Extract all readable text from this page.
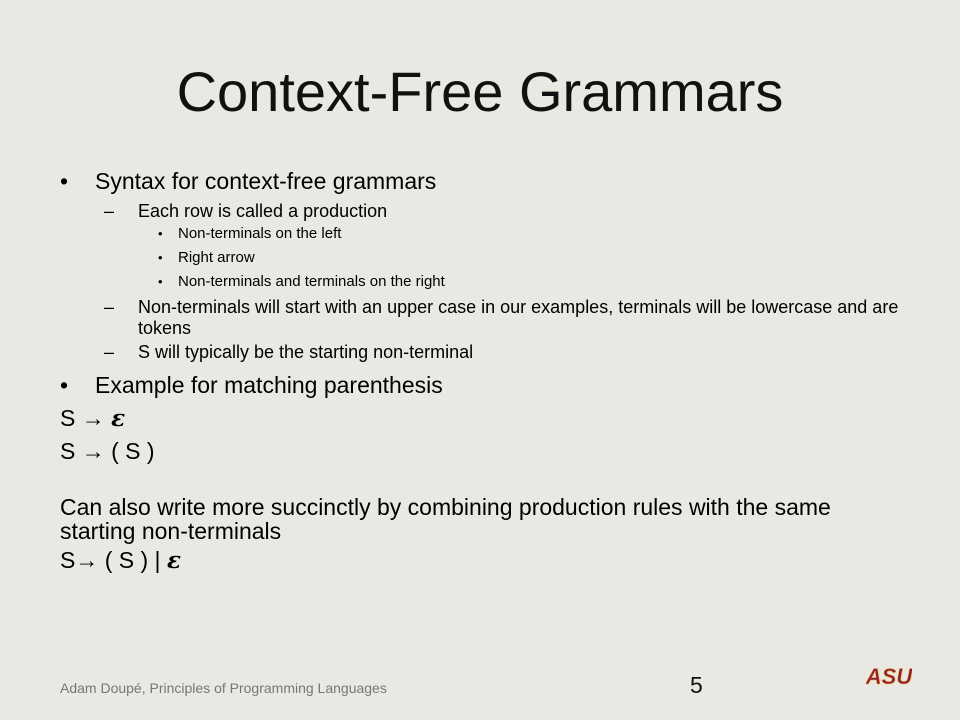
Context-Free Grammars
• Syntax for context-free grammars
– Each row is called a production
• Non-terminals on the left
• Right arrow
• Non-terminals and terminals on the right
– Non-terminals will start with an upper case in our examples, terminals will be lowercase and are tokens
– S will typically be the starting non-terminal
• Example for matching parenthesis
S → ε
S → ( S )
Can also write more succinctly by combining production rules with the same starting non-terminals
S→ ( S ) | ε
Adam Doupé, Principles of Programming Languages	5	ASU
